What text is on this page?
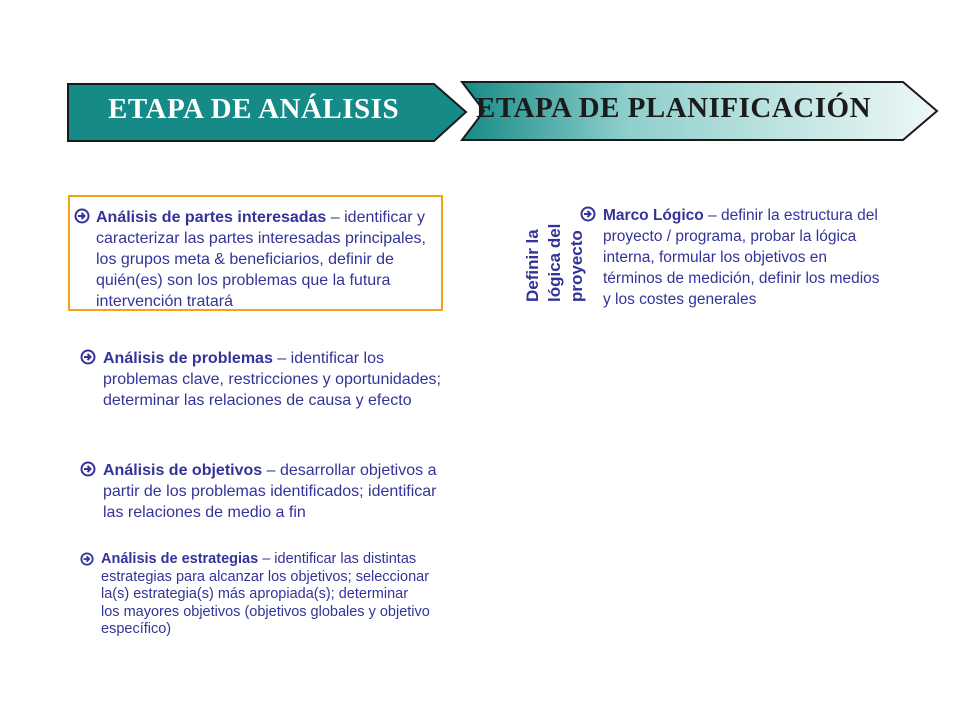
ETAPA DE ANÁLISIS	ETAPA DE PLANIFICACIÓN
Análisis de partes interesadas – identificar y caracterizar las partes interesadas principales, los grupos meta & beneficiarios, definir de quién(es) son los problemas que la futura intervención tratará
Análisis de problemas – identificar los problemas clave, restricciones y oportunidades; determinar las relaciones de causa y efecto
Análisis de objetivos – desarrollar objetivos a partir de los problemas identificados; identificar las relaciones de medio a fin
Análisis de estrategias – identificar las distintas estrategias para alcanzar los objetivos; seleccionar la(s) estrategia(s) más apropiada(s); determinar los mayores objetivos (objetivos globales y objetivo específico)
Definir la lógica del proyecto
Marco Lógico – definir la estructura del proyecto / programa, probar la lógica interna, formular los objetivos en términos de medición, definir los medios y los costes generales
